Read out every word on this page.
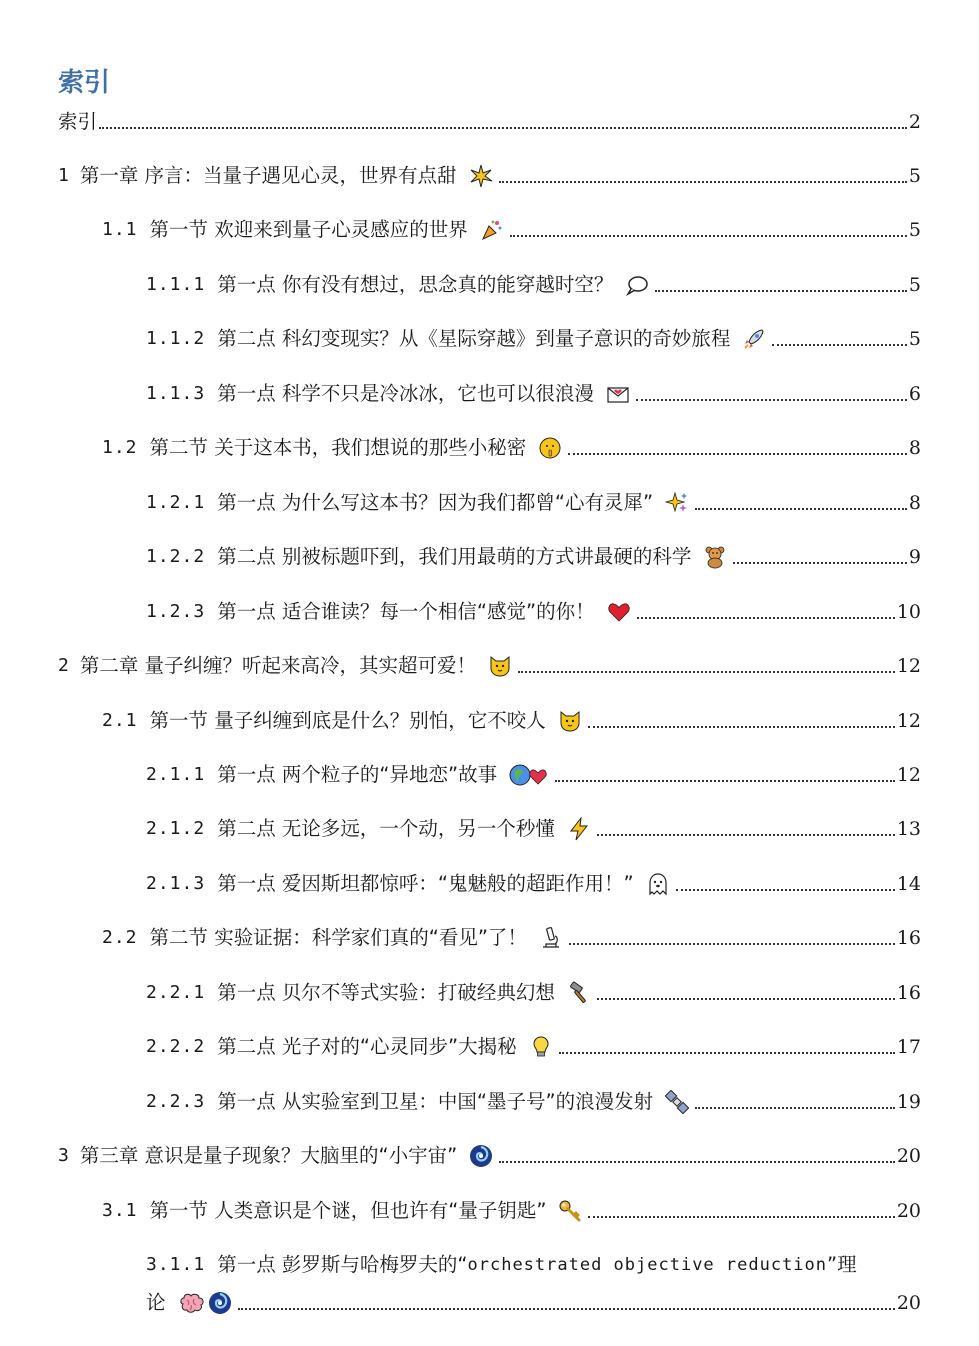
索引
索引	2
1 第一章 序言：当量子遇见心灵，世界有点甜	5
1.1 第一节 欢迎来到量子心灵感应的世界	5
1.1.1 第一点 你有没有想过，思念真的能穿越时空？	5
1.1.2 第二点 科幻变现实？从《星际穿越》到量子意识的奇妙旅程	5
1.1.3 第一点 科学不只是冷冰冰，它也可以很浪漫	6
1.2 第二节 关于这本书，我们想说的那些小秘密	8
1.2.1 第一点 为什么写这本书？因为我们都曾“心有灵犀”	8
1.2.2 第二点 别被标题吓到，我们用最萌的方式讲最硬的科学	9
1.2.3 第一点 适合谁读？每一个相信“感觉”的你！	10
2 第二章 量子纠缠？听起来高冷，其实超可爱！	12
2.1 第一节 量子纠缠到底是什么？别怕，它不咬人	12
2.1.1 第一点 两个粒子的“异地恋”故事	12
2.1.2 第二点 无论多远，一个动，另一个秒懂	13
2.1.3 第一点 爱因斯坦都惊呼：“鬼魅般的超距作用！”	14
2.2 第二节 实验证据：科学家们真的“看见”了！	16
2.2.1 第一点 贝尔不等式实验：打破经典幻想	16
2.2.2 第二点 光子对的“心灵同步”大揭秘	17
2.2.3 第一点 从实验室到卫星：中国“墨子号”的浪漫发射	19
3 第三章 意识是量子现象？大脑里的“小宇宙”	20
3.1 第一节 人类意识是个谜，但也许有“量子钥匙”	20
3.1.1 第一点 彭罗斯与哈梅罗夫的“ orchestrated objective reduction ”理
论	20
